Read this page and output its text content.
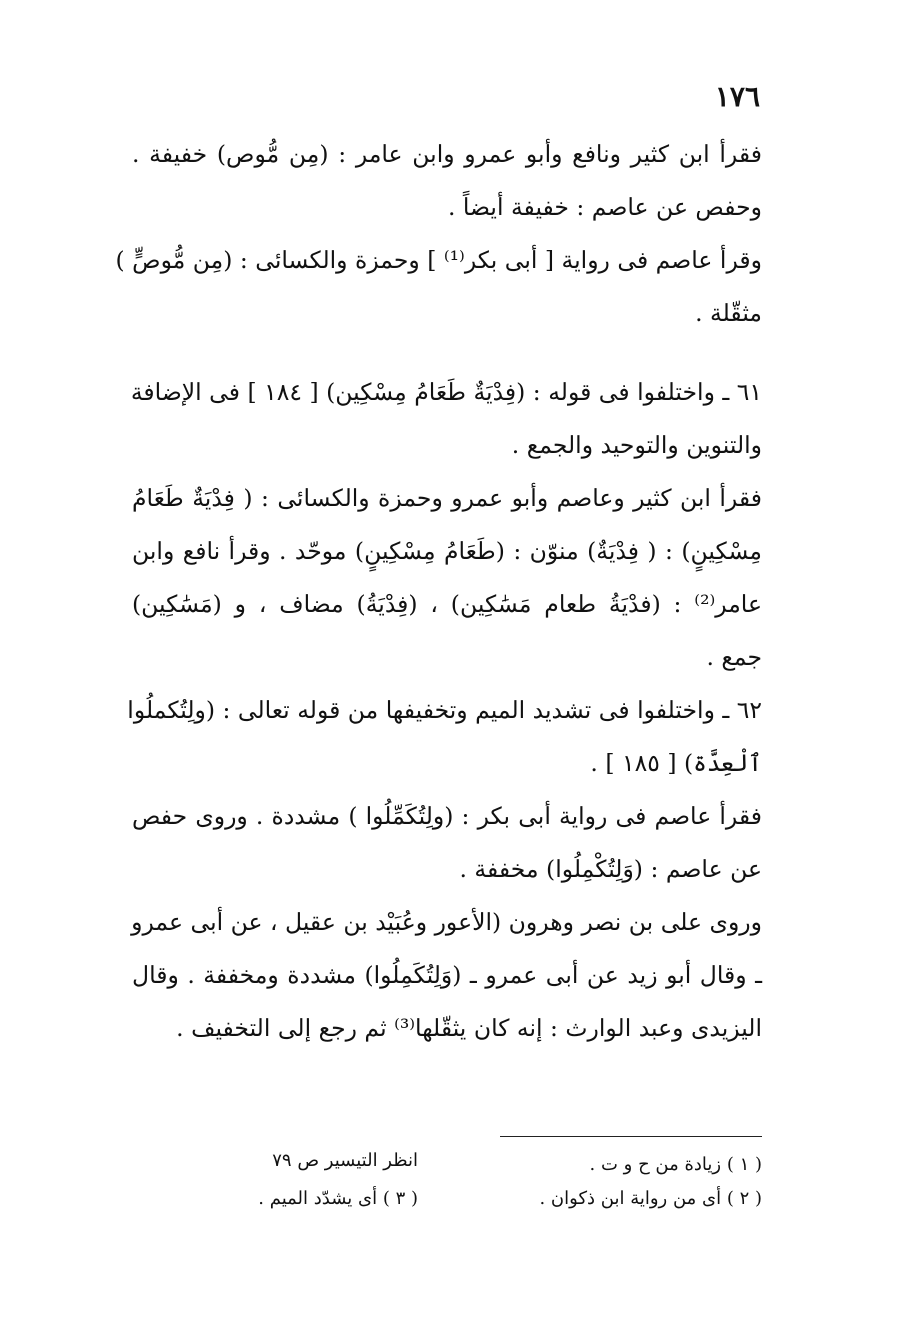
١٧٦
فقرأ ابن كثير ونافع وأبو عمرو وابن عامر : (مِن مُّوص) خفيفة .
وحفص عن عاصم : خفيفة أيضاً .
وقرأ عاصم فى رواية [ أبى بكر⁽¹⁾ ] وحمزة والكسائى : (مِن مُّوصٍّ )
مثقّلة .
٦١ ـ واختلفوا فى قوله : (فِدْيَةٌ طَعَامُ مِسْكِين) [ ١٨٤ ] فى الإضافة
والتنوين والتوحيد والجمع .
فقرأ ابن كثير وعاصم وأبو عمرو وحمزة والكسائى : ( فِدْيَةٌ طَعَامُ
مِسْكِينٍ) : ( فِدْيَةٌ) منوّن : (طَعَامُ مِسْكِينٍ) موحّد . وقرأ نافع وابن
عامر⁽²⁾ : (فدْيَةُ طعام مَسَٰكِين) ، (فِدْيَةُ) مضاف ، و (مَسَٰكِين)
جمع .
٦٢ ـ واختلفوا فى تشديد الميم وتخفيفها من قوله تعالى : (ولِتُكملُوا
ٱلْعِدَّة) [ ١٨٥ ] .
فقرأ عاصم فى رواية أبى بكر : (ولِتُكَمِّلُوا ) مشددة . وروى حفص
عن عاصم : (وَلِتُكْمِلُوا) مخففة .
وروى على بن نصر وهرون (الأعور وعُبَيْد بن عقيل ، عن أبى عمرو
ـ وقال أبو زيد عن أبى عمرو ـ (وَلِتُكَمِلُوا) مشددة ومخففة . وقال
اليزيدى وعبد الوارث : إنه كان يثقّلها⁽³⁾ ثم رجع إلى التخفيف .
( ١ ) زيادة من ح و ت .
انظر التيسير ص ٧٩
( ٢ ) أى من رواية ابن ذكوان .
( ٣ ) أى يشدّد الميم .
